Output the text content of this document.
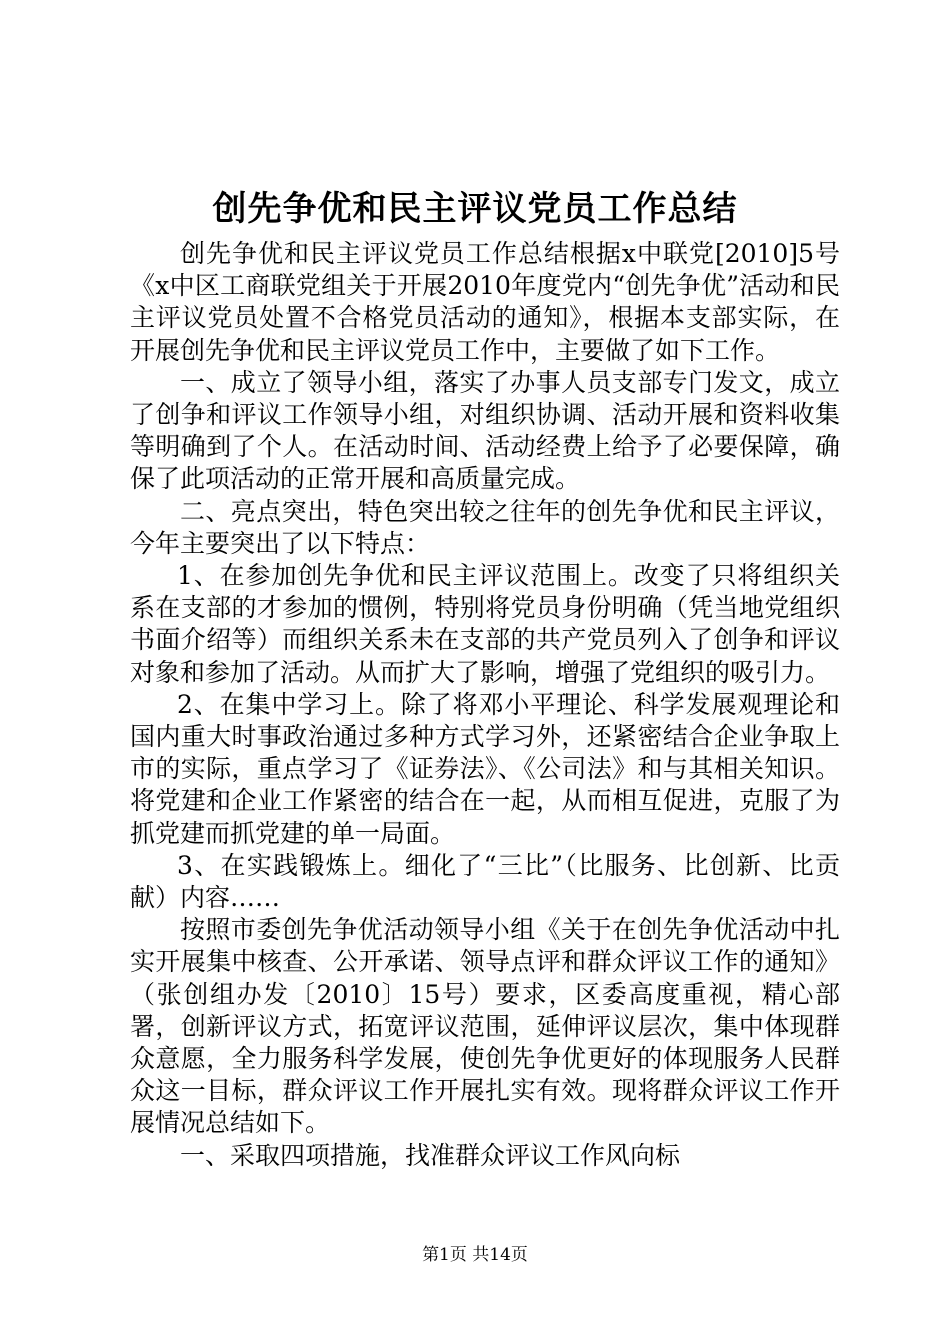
创先争优和民主评议党员工作总结

创先争优和民主评议党员工作总结根据x中联党[2010]5号《x中区工商联党组关于开展2010年度党内“创先争优”活动和民主评议党员处置不合格党员活动的通知》，根据本支部实际，在开展创先争优和民主评议党员工作中，主要做了如下工作。

一、成立了领导小组，落实了办事人员支部专门发文，成立了创争和评议工作领导小组，对组织协调、活动开展和资料收集等明确到了个人。在活动时间、活动经费上给予了必要保障，确保了此项活动的正常开展和高质量完成。

二、亮点突出，特色突出较之往年的创先争优和民主评议，今年主要突出了以下特点：

1、在参加创先争优和民主评议范围上。改变了只将组织关系在支部的才参加的惯例，特别将党员身份明确（凭当地党组织书面介绍等）而组织关系未在支部的共产党员列入了创争和评议对象和参加了活动。从而扩大了影响，增强了党组织的吸引力。

2、在集中学习上。除了将邓小平理论、科学发展观理论和国内重大时事政治通过多种方式学习外，还紧密结合企业争取上市的实际，重点学习了《证券法》、《公司法》和与其相关知识。将党建和企业工作紧密的结合在一起，从而相互促进，克服了为抓党建而抓党建的单一局面。

3、在实践锻炼上。细化了“三比”（比服务、比创新、比贡献）内容……

按照市委创先争优活动领导小组《关于在创先争优活动中扎实开展集中核查、公开承诺、领导点评和群众评议工作的通知》（张创组办发〔2010〕15号）要求，区委高度重视，精心部署，创新评议方式，拓宽评议范围，延伸评议层次，集中体现群众意愿，全力服务科学发展，使创先争优更好的体现服务人民群众这一目标，群众评议工作开展扎实有效。现将群众评议工作开展情况总结如下。

一、采取四项措施，找准群众评议工作风向标

第1页 共14页
